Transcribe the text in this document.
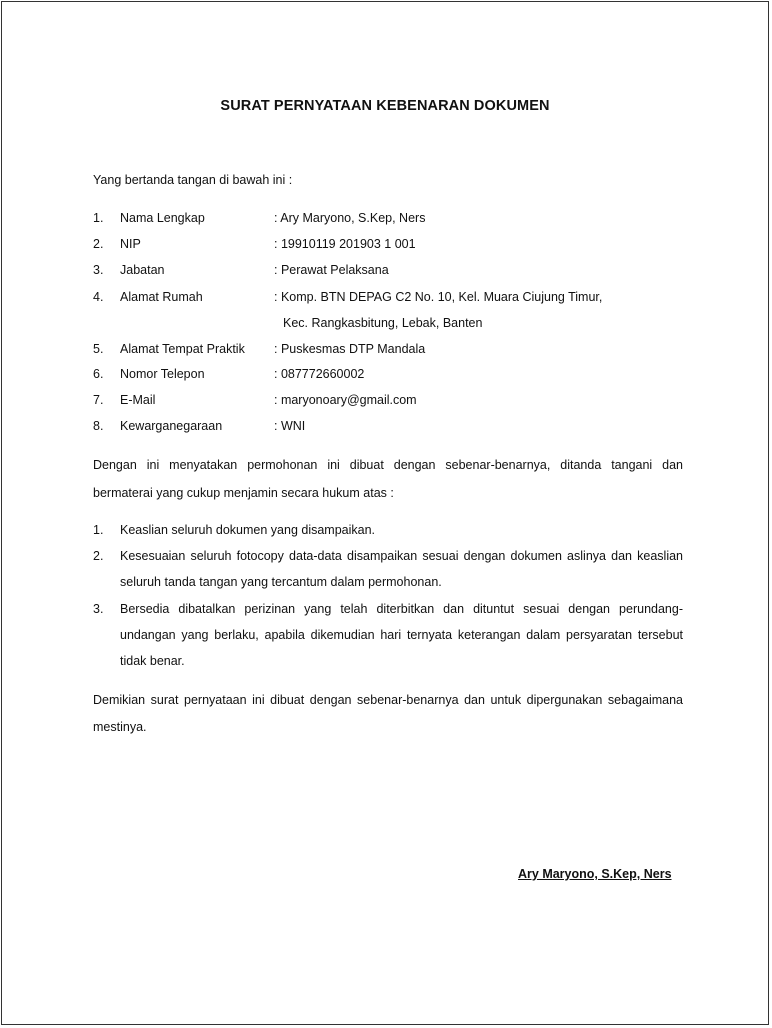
SURAT PERNYATAAN KEBENARAN DOKUMEN
Yang bertanda tangan di bawah ini :
1. Nama Lengkap	: Ary Maryono, S.Kep, Ners
2. NIP	: 19910119 201903 1 001
3. Jabatan	: Perawat Pelaksana
4. Alamat Rumah	: Komp. BTN DEPAG C2 No. 10, Kel. Muara Ciujung Timur,
Kec. Rangkasbitung, Lebak, Banten
5. Alamat Tempat Praktik : Puskesmas DTP Mandala
6. Nomor Telepon	: 087772660002
7. E-Mail	: maryonoary@gmail.com
8. Kewarganegaraan	: WNI
Dengan ini menyatakan permohonan ini dibuat dengan sebenar-benarnya, ditanda tangani dan
bermaterai yang cukup menjamin secara hukum atas :
1. Keaslian seluruh dokumen yang disampaikan.
2. Kesesuaian seluruh fotocopy data-data disampaikan sesuai dengan dokumen aslinya dan keaslian
seluruh tanda tangan yang tercantum dalam permohonan.
3. Bersedia dibatalkan perizinan yang telah diterbitkan dan dituntut sesuai dengan perundang-
undangan yang berlaku, apabila dikemudian hari ternyata keterangan dalam persyaratan tersebut
tidak benar.
Demikian surat pernyataan ini dibuat dengan sebenar-benarnya dan untuk dipergunakan sebagaimana
mestinya.
Ary Maryono, S.Kep, Ners
